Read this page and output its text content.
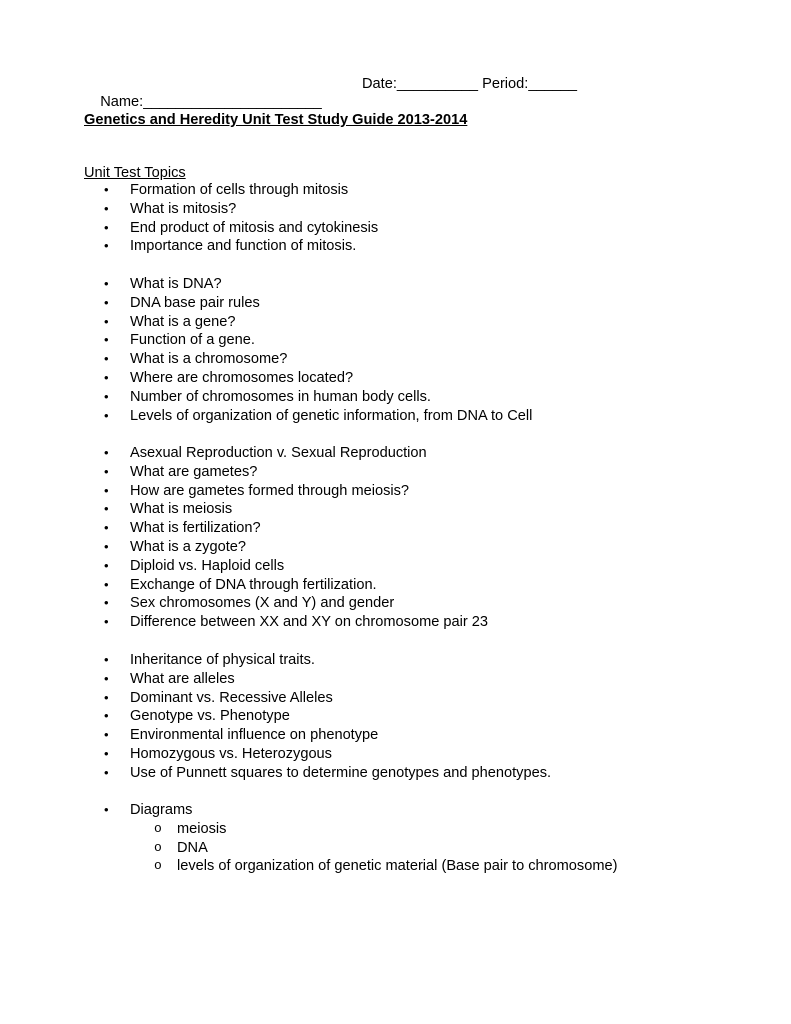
Name:______________________

Date:__________ Period:______

Genetics and Heredity Unit Test Study Guide 2013-2014
Unit Test Topics
• Formation of cells through mitosis
• What is mitosis?
• End product of mitosis and cytokinesis
• Importance and function of mitosis.
• What is DNA?
• DNA base pair rules
• What is a gene?
• Function of a gene.
• What is a chromosome?
• Where are chromosomes located?
• Number of chromosomes in human body cells.
• Levels of organization of genetic information, from DNA to Cell
• Asexual Reproduction v. Sexual Reproduction
• What are gametes?
• How are gametes formed through meiosis?
• What is meiosis
• What is fertilization?
• What is a zygote?
• Diploid vs. Haploid cells
• Exchange of DNA through fertilization.
• Sex chromosomes (X and Y) and gender
• Difference between XX and XY on chromosome pair 23
• Inheritance of physical traits.
• What are alleles
• Dominant vs. Recessive Alleles
• Genotype vs. Phenotype
• Environmental influence on phenotype
• Homozygous vs. Heterozygous
• Use of Punnett squares to determine genotypes and phenotypes.
• Diagrams
o meiosis
o DNA
o levels of organization of genetic material (Base pair to chromosome)
